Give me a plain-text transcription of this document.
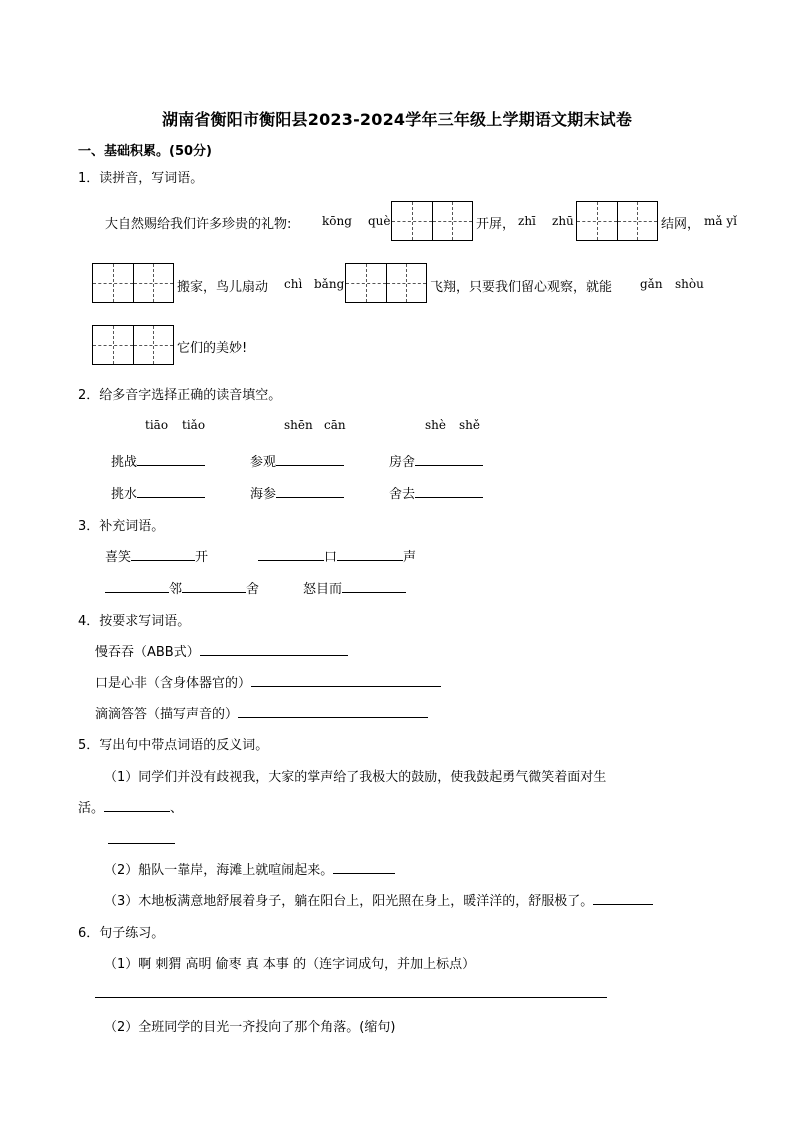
湖南省衡阳市衡阳县2023-2024学年三年级上学期语文期末试卷
一、基础积累。(50分)
1．读拼音，写词语。
大自然赐给我们许多珍贵的礼物:	kōng què	开屏， zhī zhū	结网， mǎ yǐ
搬家，鸟儿扇动 chì bǎng	飞翔，只要我们留心观察，就能 gǎn shòu
它们的美妙!
2．给多音字选择正确的读音填空。
tiāo tiǎo	shēn cān	shè shě
挑战	参观	房舍
挑水	海参	舍去
3．补充词语。
喜笑	开	口	声
邻	舍	怒目而
4．按要求写词语。
慢吞吞（ABB式）
口是心非（含身体器官的）
滴滴答答（描写声音的）
5．写出句中带点词语的反义词。
（1）同学们并没有歧视我，大家的掌声给了我极大的鼓励，使我鼓起勇气微笑着面对生
活。	、
（2）船队一靠岸，海滩上就喧闹起来。
（3）木地板满意地舒展着身子，躺在阳台上，阳光照在身上，暖洋洋的，舒服极了。
6．句子练习。
（1）啊 刺猬 高明 偷枣 真 本事 的（连字词成句，并加上标点）
（2）全班同学的目光一齐投向了那个角落。(缩句)
